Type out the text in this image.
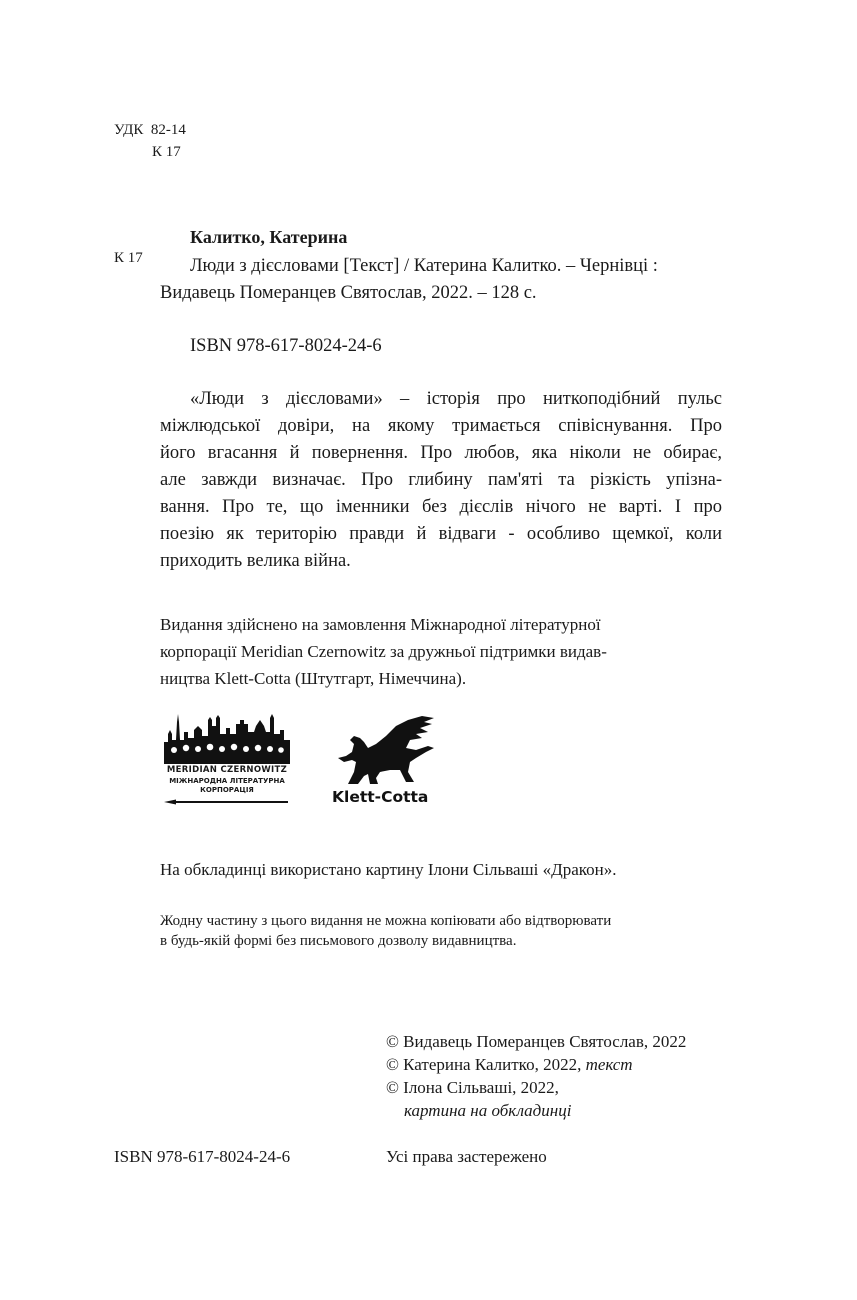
УДК 82-14
К 17
К 17
Калитко, Катерина
Люди з дієсловами [Текст] / Катерина Калитко. – Чернівці :
Видавець Померанцев Святослав, 2022. – 128 с.
ISBN 978-617-8024-24-6
«Люди з дієсловами» – історія про ниткоподібний пульс
міжлюдської довіри, на якому тримається співіснування. Про
його вгасання й повернення. Про любов, яка ніколи не обирає,
але завжди визначає. Про глибину пам'яті та різкість упізна-
вання. Про те, що іменники без дієслів нічого не варті. І про
поезію як територію правди й відваги - особливо щемкої, коли
приходить велика війна.
Видання здійснено на замовлення Міжнародної літературної
корпорації Meridian Czernowitz за дружньої підтримки видав-
ництва Klett-Cotta (Штутгарт, Німеччина).
MERIDIAN CZERNOWITZ
МІЖНАРОДНА ЛІТЕРАТУРНА
КОРПОРАЦІЯ	Klett-Cotta
На обкладинці використано картину Ілони Сільваші «Дракон».
Жодну частину з цього видання не можна копіювати або відтворювати
в будь-якій формі без письмового дозволу видавництва.
© Видавець Померанцев Святослав, 2022
© Катерина Калитко, 2022, текст
© Ілона Сільваші, 2022,
картина на обкладинці
ISBN 978-617-8024-24-6	Усі права застережено
